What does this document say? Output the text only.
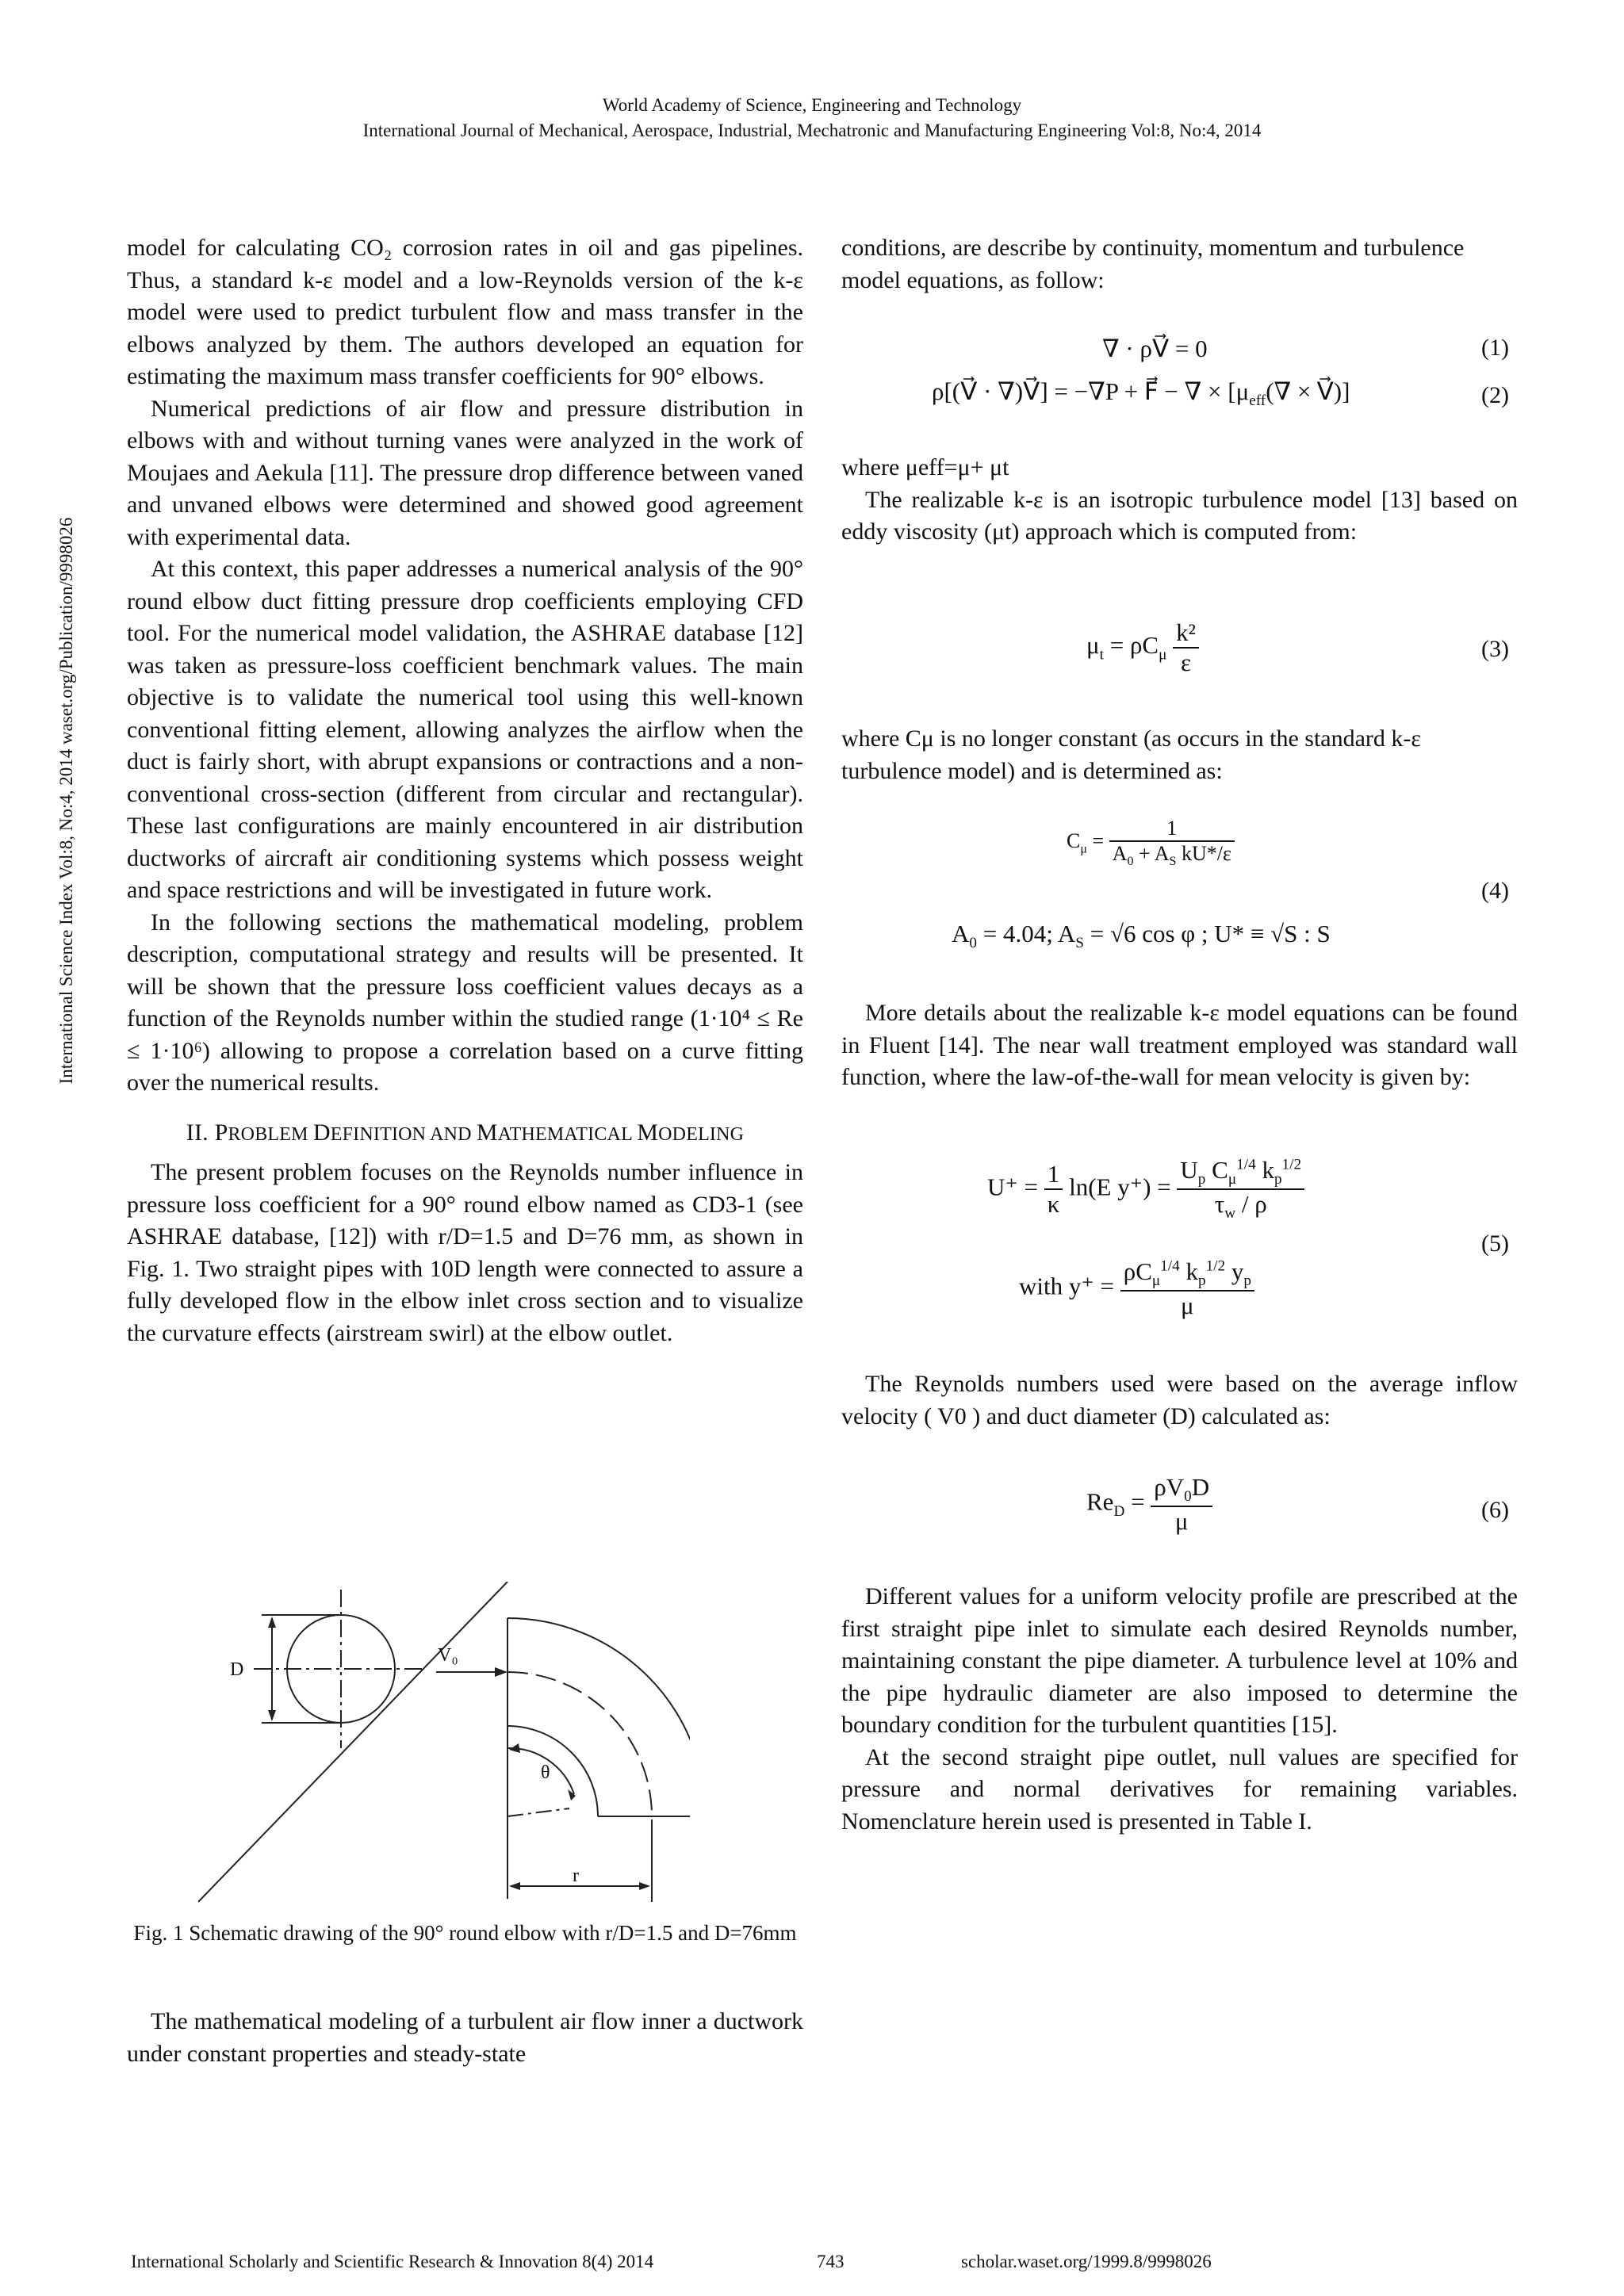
World Academy of Science, Engineering and Technology
International Journal of Mechanical, Aerospace, Industrial, Mechatronic and Manufacturing Engineering Vol:8, No:4, 2014
International Science Index Vol:8, No:4, 2014 waset.org/Publication/9998026

model for calculating CO₂ corrosion rates in oil and gas pipelines. Thus, a standard k-ε model and a low-Reynolds version of the k-ε model were used to predict turbulent flow and mass transfer in the elbows analyzed by them. The authors developed an equation for estimating the maximum mass transfer coefficients for 90° elbows.

Numerical predictions of air flow and pressure distribution in elbows with and without turning vanes were analyzed in the work of Moujaes and Aekula [11]. The pressure drop difference between vaned and unvaned elbows were determined and showed good agreement with experimental data.

At this context, this paper addresses a numerical analysis of the 90° round elbow duct fitting pressure drop coefficients employing CFD tool. For the numerical model validation, the ASHRAE database [12] was taken as pressure-loss coefficient benchmark values. The main objective is to validate the numerical tool using this well-known conventional fitting element, allowing analyzes the airflow when the duct is fairly short, with abrupt expansions or contractions and a non-conventional cross-section (different from circular and rectangular). These last configurations are mainly encountered in air distribution ductworks of aircraft air conditioning systems which possess weight and space restrictions and will be investigated in future work.

In the following sections the mathematical modeling, problem description, computational strategy and results will be presented. It will be shown that the pressure loss coefficient values decays as a function of the Reynolds number within the studied range (1·10⁴ ≤ Re ≤ 1·10⁶) allowing to propose a correlation based on a curve fitting over the numerical results.

II. PROBLEM DEFINITION AND MATHEMATICAL MODELING

The present problem focuses on the Reynolds number influence in pressure loss coefficient for a 90° round elbow named as CD3-1 (see ASHRAE database, [12]) with r/D=1.5 and D=76 mm, as shown in Fig. 1. Two straight pipes with 10D length were connected to assure a fully developed flow in the elbow inlet cross section and to visualize the curvature effects (airstream swirl) at the elbow outlet.

D
V₀
θ
r
Fig. 1 Schematic drawing of the 90° round elbow with r/D=1.5 and D=76mm

The mathematical modeling of a turbulent air flow inner a ductwork under constant properties and steady-state

conditions, are describe by continuity, momentum and turbulence model equations, as follow:
∇ · ρV⃗ = 0	(1)
ρ[(V⃗ · ∇)V⃗] = −∇P + F⃗ − ∇ × [$\mu_{eff}(\nabla$ × V⃗)]	(2)

where μeff=μ+ μt

The realizable k-ε is an isotropic turbulence model [13] based on eddy viscosity (μt) approach which is computed from:

$\mu_t = \rho C_\mu \frac{\text{k²}}{\varepsilon}$	(3)
where Cμ is no longer constant (as occurs in the standard k-ε turbulence model) and is determined as:
$C_\mu = \frac{1}{A_0 + A_S kU*/\varepsilon}$
$A_0 = 4.04$; $A_S = √6$ cos φ ; U* ≡ √S : S
(4)

More details about the realizable k-ε model equations can be found in Fluent [14]. The near wall treatment employed was standard wall function, where the law-of-the-wall for mean velocity is given by:

$U^+ = \frac{1}{\kappa} \ln(E$ $y^+) = \frac{U_p C_\mu^{1/4} k_p^{1/2}}{\tau_w / \rho}$
with $y^+ = \frac{\rho C_\mu^{1/4} k_p^{1/2} y_p}{\mu}$
(5)

The Reynolds numbers used were based on the average inflow velocity ( V0 ) and duct diameter (D) calculated as:

$Re_D = \frac{\rho V_0D}{\mu}$	(6)

Different values for a uniform velocity profile are prescribed at the first straight pipe inlet to simulate each desired Reynolds number, maintaining constant the pipe diameter. A turbulence level at 10% and the pipe hydraulic diameter are also imposed to determine the boundary condition for the turbulent quantities [15].

At the second straight pipe outlet, null values are specified for pressure and normal derivatives for remaining variables. Nomenclature herein used is presented in Table I.

International Scholarly and Scientific Research & Innovation 8(4) 2014	743	scholar.waset.org/1999.8/9998026
